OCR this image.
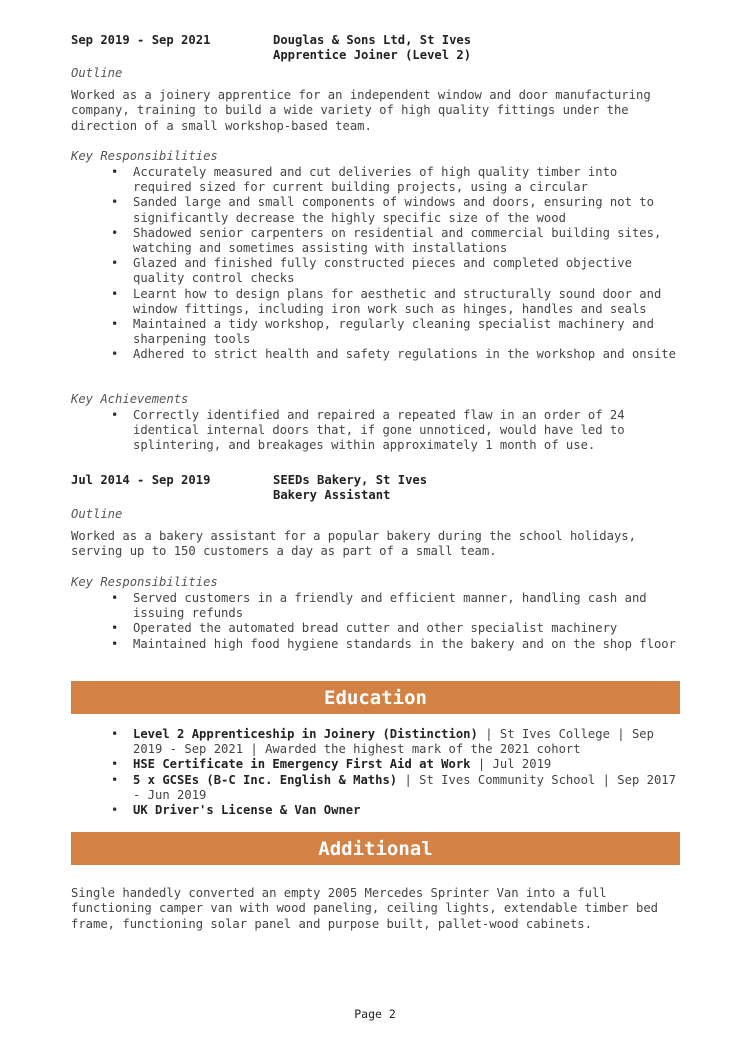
Sep 2019 - Sep 2021	Douglas & Sons Ltd, St Ives
Apprentice Joiner (Level 2)
Outline

Worked as a joinery apprentice for an independent window and door manufacturing company, training to build a wide variety of high quality fittings under the direction of a small workshop-based team.

Key Responsibilities
• Accurately measured and cut deliveries of high quality timber into required sized for current building projects, using a circular
• Sanded large and small components of windows and doors, ensuring not to significantly decrease the highly specific size of the wood
• Shadowed senior carpenters on residential and commercial building sites, watching and sometimes assisting with installations
• Glazed and finished fully constructed pieces and completed objective quality control checks
• Learnt how to design plans for aesthetic and structurally sound door and window fittings, including iron work such as hinges, handles and seals
• Maintained a tidy workshop, regularly cleaning specialist machinery and sharpening tools
• Adhered to strict health and safety regulations in the workshop and onsite
Key Achievements
• Correctly identified and repaired a repeated flaw in an order of 24 identical internal doors that, if gone unnoticed, would have led to splintering, and breakages within approximately 1 month of use.
Jul 2014 - Sep 2019	SEEDs Bakery, St Ives
Bakery Assistant
Outline

Worked as a bakery assistant for a popular bakery during the school holidays, serving up to 150 customers a day as part of a small team.

Key Responsibilities
• Served customers in a friendly and efficient manner, handling cash and issuing refunds
• Operated the automated bread cutter and other specialist machinery
• Maintained high food hygiene standards in the bakery and on the shop floor
Education
• Level 2 Apprenticeship in Joinery (Distinction) | St Ives College | Sep 2019 - Sep 2021 | Awarded the highest mark of the 2021 cohort
• HSE Certificate in Emergency First Aid at Work | Jul 2019
• 5 x GCSEs (B-C Inc. English & Maths) | St Ives Community School | Sep 2017 - Jun 2019
• UK Driver's License & Van Owner
Additional

Single handedly converted an empty 2005 Mercedes Sprinter Van into a full functioning camper van with wood paneling, ceiling lights, extendable timber bed frame, functioning solar panel and purpose built, pallet-wood cabinets.

Page 2
